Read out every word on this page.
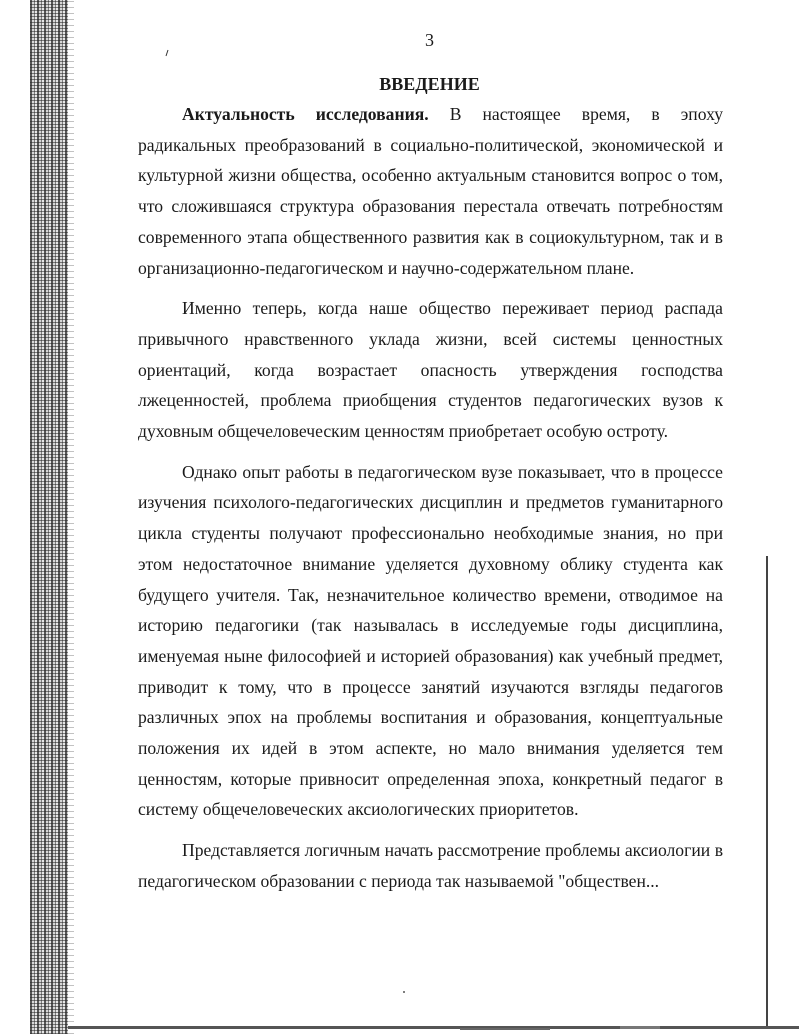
3
ВВЕДЕНИЕ

Актуальность исследования. В настоящее время, в эпоху радикальных преобразований в социально-политической, экономической и культурной жизни общества, особенно актуальным становится вопрос о том, что сложившаяся структура образования перестала отвечать потребностям современного этапа общественного развития как в социокультурном, так и в организационно-педагогическом и научно-содержательном плане.

Именно теперь, когда наше общество переживает период распада привычного нравственного уклада жизни, всей системы ценностных ориентаций, когда возрастает опасность утверждения господства лжеценностей, проблема приобщения студентов педагогических вузов к духовным общечеловеческим ценностям приобретает особую остроту.

Однако опыт работы в педагогическом вузе показывает, что в процессе изучения психолого-педагогических дисциплин и предметов гуманитарного цикла студенты получают профессионально необходимые знания, но при этом недостаточное внимание уделяется духовному облику студента как будущего учителя. Так, незначительное количество времени, отводимое на историю педагогики (так называлась в исследуемые годы дисциплина, именуемая ныне философией и историей образования) как учебный предмет, приводит к тому, что в процессе занятий изучаются взгляды педагогов различных эпох на проблемы воспитания и образования, концептуальные положения их идей в этом аспекте, но мало внимания уделяется тем ценностям, которые привносит определенная эпоха, конкретный педагог в систему общечеловеческих аксиологических приоритетов.

Представляется логичным начать рассмотрение проблемы аксиологии в педагогическом образовании с периода так называемой "обществен...
